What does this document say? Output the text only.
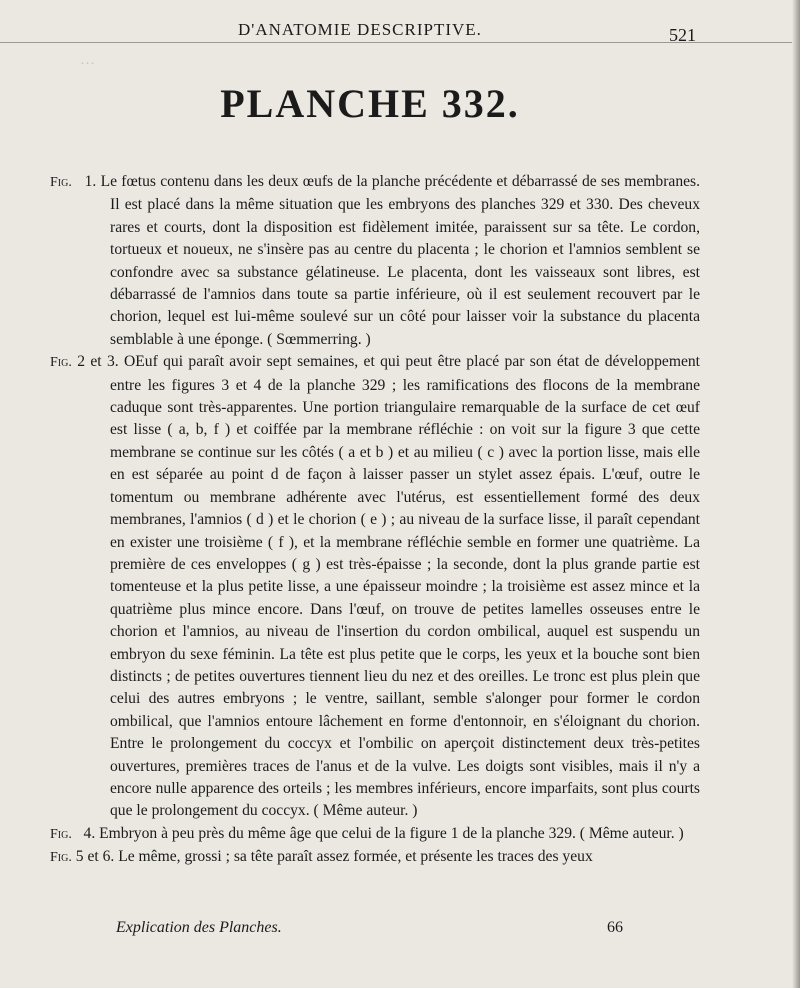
…
D'ANATOMIE DESCRIPTIVE.	521
PLANCHE 332.

Fig. 1. Le fœtus contenu dans les deux œufs de la planche précédente et débarrassé de ses membranes. Il est placé dans la même situation que les embryons des planches 329 et 330. Des cheveux rares et courts, dont la disposition est fidèlement imitée, paraissent sur sa tête. Le cordon, tortueux et noueux, ne s'insère pas au centre du placenta ; le chorion et l'amnios semblent se confondre avec sa substance gélatineuse. Le placenta, dont les vaisseaux sont libres, est débarrassé de l'amnios dans toute sa partie inférieure, où il est seulement recouvert par le chorion, lequel est lui-même soulevé sur un côté pour laisser voir la substance du placenta semblable à une éponge. ( Sœmmerring. )

Fig. 2 et 3. OEuf qui paraît avoir sept semaines, et qui peut être placé par son état de développement entre les figures 3 et 4 de la planche 329 ; les ramifications des flocons de la membrane caduque sont très-apparentes. Une portion triangulaire remarquable de la surface de cet œuf est lisse ( a, b, f ) et coiffée par la membrane réfléchie : on voit sur la figure 3 que cette membrane se continue sur les côtés ( a et b ) et au milieu ( c ) avec la portion lisse, mais elle en est séparée au point d de façon à laisser passer un stylet assez épais. L'œuf, outre le tomentum ou membrane adhérente avec l'utérus, est essentiellement formé des deux membranes, l'amnios ( d ) et le chorion ( e ) ; au niveau de la surface lisse, il paraît cependant en exister une troisième ( f ), et la membrane réfléchie semble en former une quatrième. La première de ces enveloppes ( g ) est très-épaisse ; la seconde, dont la plus grande partie est tomenteuse et la plus petite lisse, a une épaisseur moindre ; la troisième est assez mince et la quatrième plus mince encore. Dans l'œuf, on trouve de petites lamelles osseuses entre le chorion et l'amnios, au niveau de l'insertion du cordon ombilical, auquel est suspendu un embryon du sexe féminin. La tête est plus petite que le corps, les yeux et la bouche sont bien distincts ; de petites ouvertures tiennent lieu du nez et des oreilles. Le tronc est plus plein que celui des autres embryons ; le ventre, saillant, semble s'alonger pour former le cordon ombilical, que l'amnios entoure lâchement en forme d'entonnoir, en s'éloignant du chorion. Entre le prolongement du coccyx et l'ombilic on aperçoit distinctement deux très-petites ouvertures, premières traces de l'anus et de la vulve. Les doigts sont visibles, mais il n'y a encore nulle apparence des orteils ; les membres inférieurs, encore imparfaits, sont plus courts que le prolongement du coccyx. ( Même auteur. )

Fig. 4. Embryon à peu près du même âge que celui de la figure 1 de la planche 329. ( Même auteur. )

Fig. 5 et 6. Le même, grossi ; sa tête paraît assez formée, et présente les traces des yeux

Explication des Planches.	66
